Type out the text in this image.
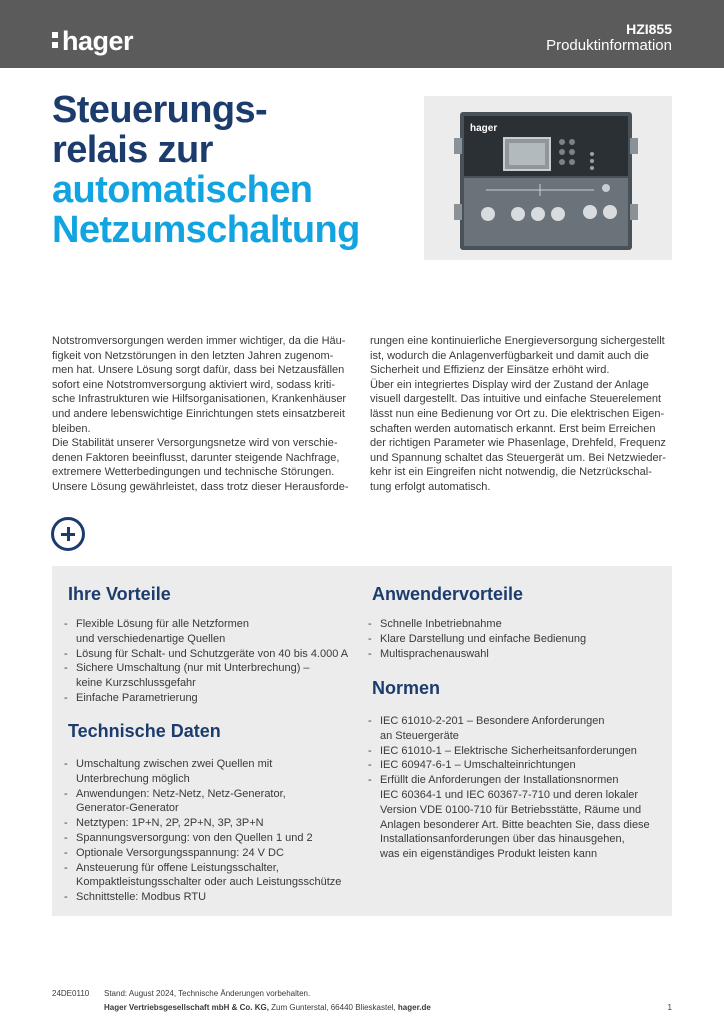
hager	HZI855
Produktinformation
Steuerungs-
relais zur
automatischen
Netzumschaltung
hager
Notstromversorgungen werden immer wichtiger, da die Häu-
figkeit von Netzstörungen in den letzten Jahren zugenom-
men hat. Unsere Lösung sorgt dafür, dass bei Netzausfällen
sofort eine Notstromversorgung aktiviert wird, sodass kriti-
sche Infrastrukturen wie Hilfsorganisationen, Krankenhäuser
und andere lebenswichtige Einrichtungen stets einsatzbereit
bleiben.
Die Stabilität unserer Versorgungsnetze wird von verschie-
denen Faktoren beeinflusst, darunter steigende Nachfrage,
extremere Wetterbedingungen und technische Störungen.
Unsere Lösung gewährleistet, dass trotz dieser Herausforde-
rungen eine kontinuierliche Energieversorgung sichergestellt
ist, wodurch die Anlagenverfügbarkeit und damit auch die
Sicherheit und Effizienz der Einsätze erhöht wird.
Über ein integriertes Display wird der Zustand der Anlage
visuell dargestellt. Das intuitive und einfache Steuerelement
lässt nun eine Bedienung vor Ort zu. Die elektrischen Eigen-
schaften werden automatisch erkannt. Erst beim Erreichen
der richtigen Parameter wie Phasenlage, Drehfeld, Frequenz
und Spannung schaltet das Steuergerät um. Bei Netzwieder-
kehr ist ein Eingreifen nicht notwendig, die Netzrückschal-
tung erfolgt automatisch.
Ihre Vorteile
- Flexible Lösung für alle Netzformen
und verschiedenartige Quellen
- Lösung für Schalt- und Schutzgeräte von 40 bis 4.000 A
- Sichere Umschaltung (nur mit Unterbrechung) –
keine Kurzschlussgefahr
- Einfache Parametrierung
Technische Daten
- Umschaltung zwischen zwei Quellen mit
Unterbrechung möglich
- Anwendungen: Netz-Netz, Netz-Generator,
Generator-Generator
- Netztypen: 1P+N, 2P, 2P+N, 3P, 3P+N
- Spannungsversorgung: von den Quellen 1 und 2
- Optionale Versorgungsspannung: 24 V DC
- Ansteuerung für offene Leistungsschalter,
Kompaktleistungsschalter oder auch Leistungsschütze
- Schnittstelle: Modbus RTU
Anwendervorteile
- Schnelle Inbetriebnahme
- Klare Darstellung und einfache Bedienung
- Multisprachenauswahl
Normen
- IEC 61010-2-201 – Besondere Anforderungen
an Steuergeräte
- IEC 61010-1 – Elektrische Sicherheitsanforderungen
- IEC 60947-6-1 – Umschalteinrichtungen
- Erfüllt die Anforderungen der Installationsnormen
IEC 60364-1 und IEC 60367-7-710 und deren lokaler
Version VDE 0100-710 für Betriebsstätte, Räume und
Anlagen besonderer Art. Bitte beachten Sie, dass diese
Installationsanforderungen über das hinausgehen,
was ein eigenständiges Produkt leisten kann
24DE0110 Stand: August 2024, Technische Änderungen vorbehalten.
Hager Vertriebsgesellschaft mbH & Co. KG, Zum Gunterstal, 66440 Blieskastel, hager.de	1
